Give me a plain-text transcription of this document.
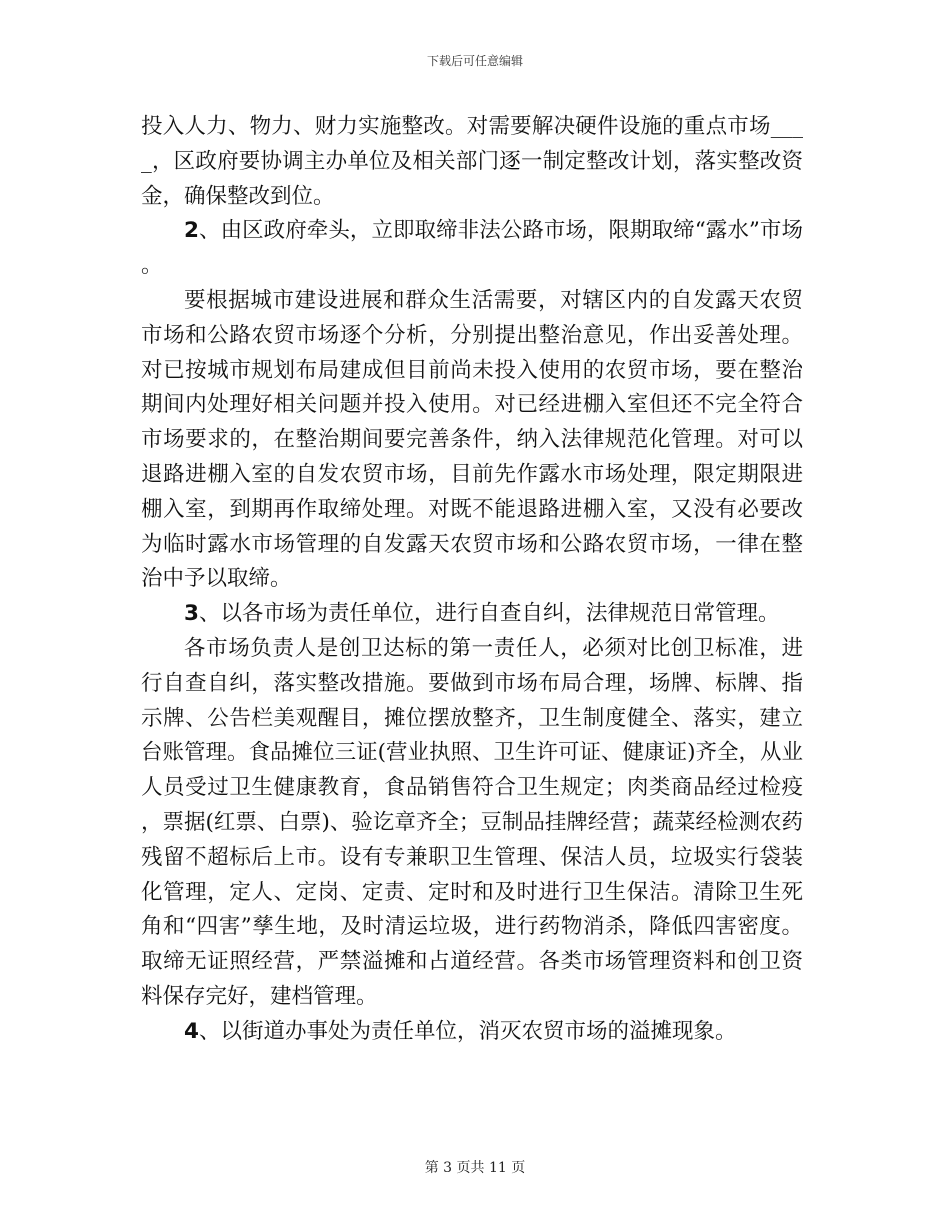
下载后可任意编辑

投入人力、物力、财力实施整改。对需要解决硬件设施的重点市场____，区政府要协调主办单位及相关部门逐一制定整改计划，落实整改资金，确保整改到位。

2、由区政府牵头，立即取缔非法公路市场，限期取缔“露水”市场。

要根据城市建设进展和群众生活需要，对辖区内的自发露天农贸市场和公路农贸市场逐个分析，分别提出整治意见，作出妥善处理。对已按城市规划布局建成但目前尚未投入使用的农贸市场，要在整治期间内处理好相关问题并投入使用。对已经进棚入室但还不完全符合市场要求的，在整治期间要完善条件，纳入法律规范化管理。对可以退路进棚入室的自发农贸市场，目前先作露水市场处理，限定期限进棚入室，到期再作取缔处理。对既不能退路进棚入室，又没有必要改为临时露水市场管理的自发露天农贸市场和公路农贸市场，一律在整治中予以取缔。

3、以各市场为责任单位，进行自查自纠，法律规范日常管理。

各市场负责人是创卫达标的第一责任人，必须对比创卫标准，进行自查自纠，落实整改措施。要做到市场布局合理，场牌、标牌、指示牌、公告栏美观醒目，摊位摆放整齐，卫生制度健全、落实，建立台账管理。食品摊位三证(营业执照、卫生许可证、健康证)齐全，从业人员受过卫生健康教育，食品销售符合卫生规定；肉类商品经过检疫，票据(红票、白票)、验讫章齐全；豆制品挂牌经营；蔬菜经检测农药残留不超标后上市。设有专兼职卫生管理、保洁人员，垃圾实行袋装化管理，定人、定岗、定责、定时和及时进行卫生保洁。清除卫生死角和“四害”孳生地，及时清运垃圾，进行药物消杀，降低四害密度。取缔无证照经营，严禁溢摊和占道经营。各类市场管理资料和创卫资料保存完好，建档管理。

4、以街道办事处为责任单位，消灭农贸市场的溢摊现象。

第 3 页共 11 页
